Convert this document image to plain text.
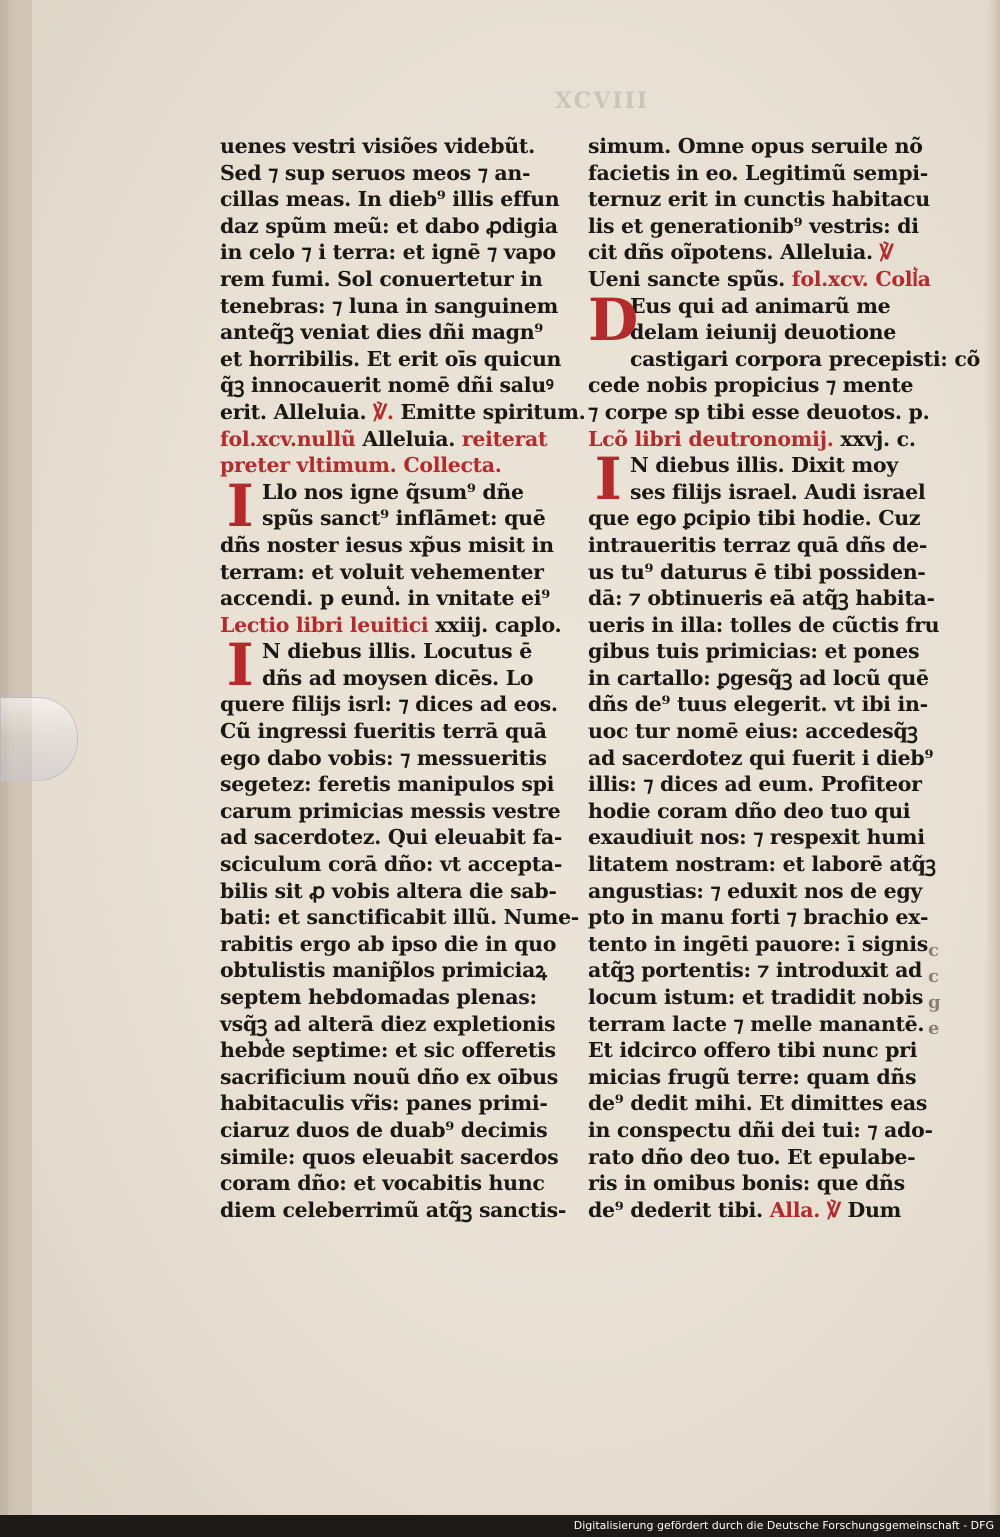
XCVIII
uenes vestri visiões videbũt.
Sed ⁊ sup seruos meos ⁊ an‑
cillas meas. In dieb⁹ illis effun
daz spũm meũ: et dabo ꝓdigia
in celo ⁊ i terra: et ignē ⁊ vapo
rem fumi. Sol conuertetur in
tenebras: ⁊ luna in sanguinem
anteq̃ꝫ veniat dies dñi magn⁹
et horribilis. Et erit oīs quicun
q̃ꝫ innocauerit nomē dñi saluꝰ
erit. Alleluia. ℣. Emitte spiritum.
fol.xcv.nullũ Alleluia. reiterat
preter vltimum. Collecta.
Llo nos igne q̃sum⁹ dñe
spũs sanct⁹ inflāmet: quē
dñs noster iesus xp̃us misit in
terram: et voluit vehementer
accendi. p eund͛. in vnitate ei⁹
Lectio libri leuitici xxiij. caplo.
N diebus illis. Locutus ē
dñs ad moysen dicēs. Lo
quere filijs isrl: ⁊ dices ad eos.
Cũ ingressi fueritis terrā quā
ego dabo vobis: ⁊ messueritis
segetez: feretis manipulos spi
carum primicias messis vestre
ad sacerdotez. Qui eleuabit fa‑
sciculum corā dño: vt accepta‑
bilis sit ꝓ vobis altera die sab‑
bati: et sanctificabit illũ. Nume‑
rabitis ergo ab ipso die in quo
obtulistis manip̃los primiciaꝝ
septem hebdomadas plenas:
vsq̃ꝫ ad alterā diez expletionis
hebd͛e septime: et sic offeretis
sacrificium nouũ dño ex oībus
habitaculis vr̃is: panes primi‑
ciaruz duos de duab⁹ decimis
simile: quos eleuabit sacerdos
coram dño: et vocabitis hunc
diem celeberrimũ atq̃ꝫ sanctis‑
I
I
simum. Omne opus seruile nõ
facietis in eo. Legitimũ sempi‑
ternuz erit in cunctis habitacu
lis et generationib⁹ vestris: di
cit dñs oĩpotens. Alleluia. ℣
Ueni sancte spũs. fol.xcv. Coll͛a
Eus qui ad animarũ me
delam ieiunij deuotione
castigari corpora precepisti: cõ
cede nobis propicius ⁊ mente
⁊ corpe sp tibi esse deuotos. p.
Lcõ libri deutronomij. xxvj. c.
N diebus illis. Dixit moy
ses filijs israel. Audi israel
que ego ꝑcipio tibi hodie. Cuz
intraueritis terraz quā dñs de‑
us tu⁹ daturus ē tibi possiden‑
dā: ⁊ obtinueris eā atq̃ꝫ habita‑
ueris in illa: tolles de cũctis fru
gibus tuis primicias: et pones
in cartallo: ꝑgesq̃ꝫ ad locũ quē
dñs de⁹ tuus elegerit. vt ibi in‑
uoc tur nomē eius: accedesq̃ꝫ
ad sacerdotez qui fuerit i dieb⁹
illis: ⁊ dices ad eum. Profiteor
hodie coram dño deo tuo qui
exaudiuit nos: ⁊ respexit humi
litatem nostram: et laborē atq̃ꝫ
angustias: ⁊ eduxit nos de egy
pto in manu forti ⁊ brachio ex‑
tento in ingēti pauore: ī signis
atq̃ꝫ portentis: ⁊ introduxit ad
locum istum: et tradidit nobis
terram lacte ⁊ melle manantē.
Et idcirco offero tibi nunc pri
micias frugũ terre: quam dñs
de⁹ dedit mihi. Et dimittes eas
in conspectu dñi dei tui: ⁊ ado‑
rato dño deo tuo. Et epulabe‑
ris in omibus bonis: que dñs
de⁹ dederit tibi. Alla. ℣ Dum
D
I
c
c
g
e
Digitalisierung gefördert durch die Deutsche Forschungsgemeinschaft - DFG
